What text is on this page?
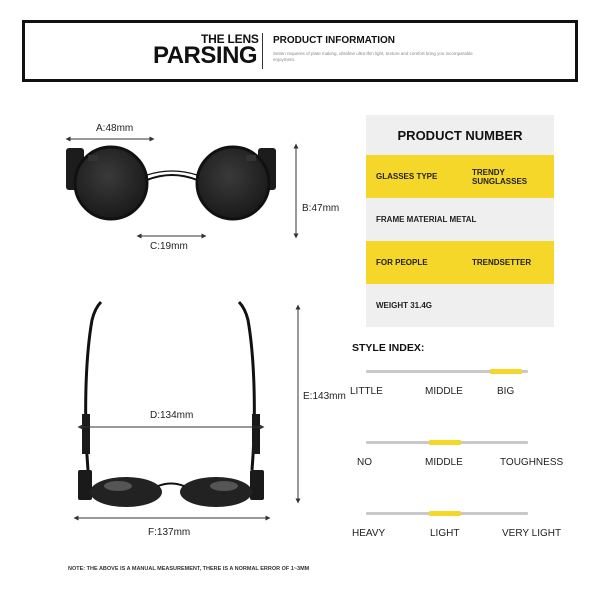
THE LENS
PARSING
PRODUCT INFORMATION
Seiten requeres of plate making, ultrafine ultra-thin light, texture and comfort bring you incomparable enjoyment.
A:48mm
B:47mm
C:19mm
D:134mm
E:143mm
F:137mm
PRODUCT NUMBER
GLASSES TYPE	TRENDY SUNGLASSES
FRAME MATERIAL METAL
FOR PEOPLE	TRENDSETTER
WEIGHT 31.4G
STYLE INDEX:
LITTLE	MIDDLE	BIG
NO	MIDDLE	TOUGHNESS
HEAVY	LIGHT	VERY LIGHT
NOTE: THE ABOVE IS A MANUAL MEASUREMENT, THERE IS A NORMAL ERROR OF 1~3MM
